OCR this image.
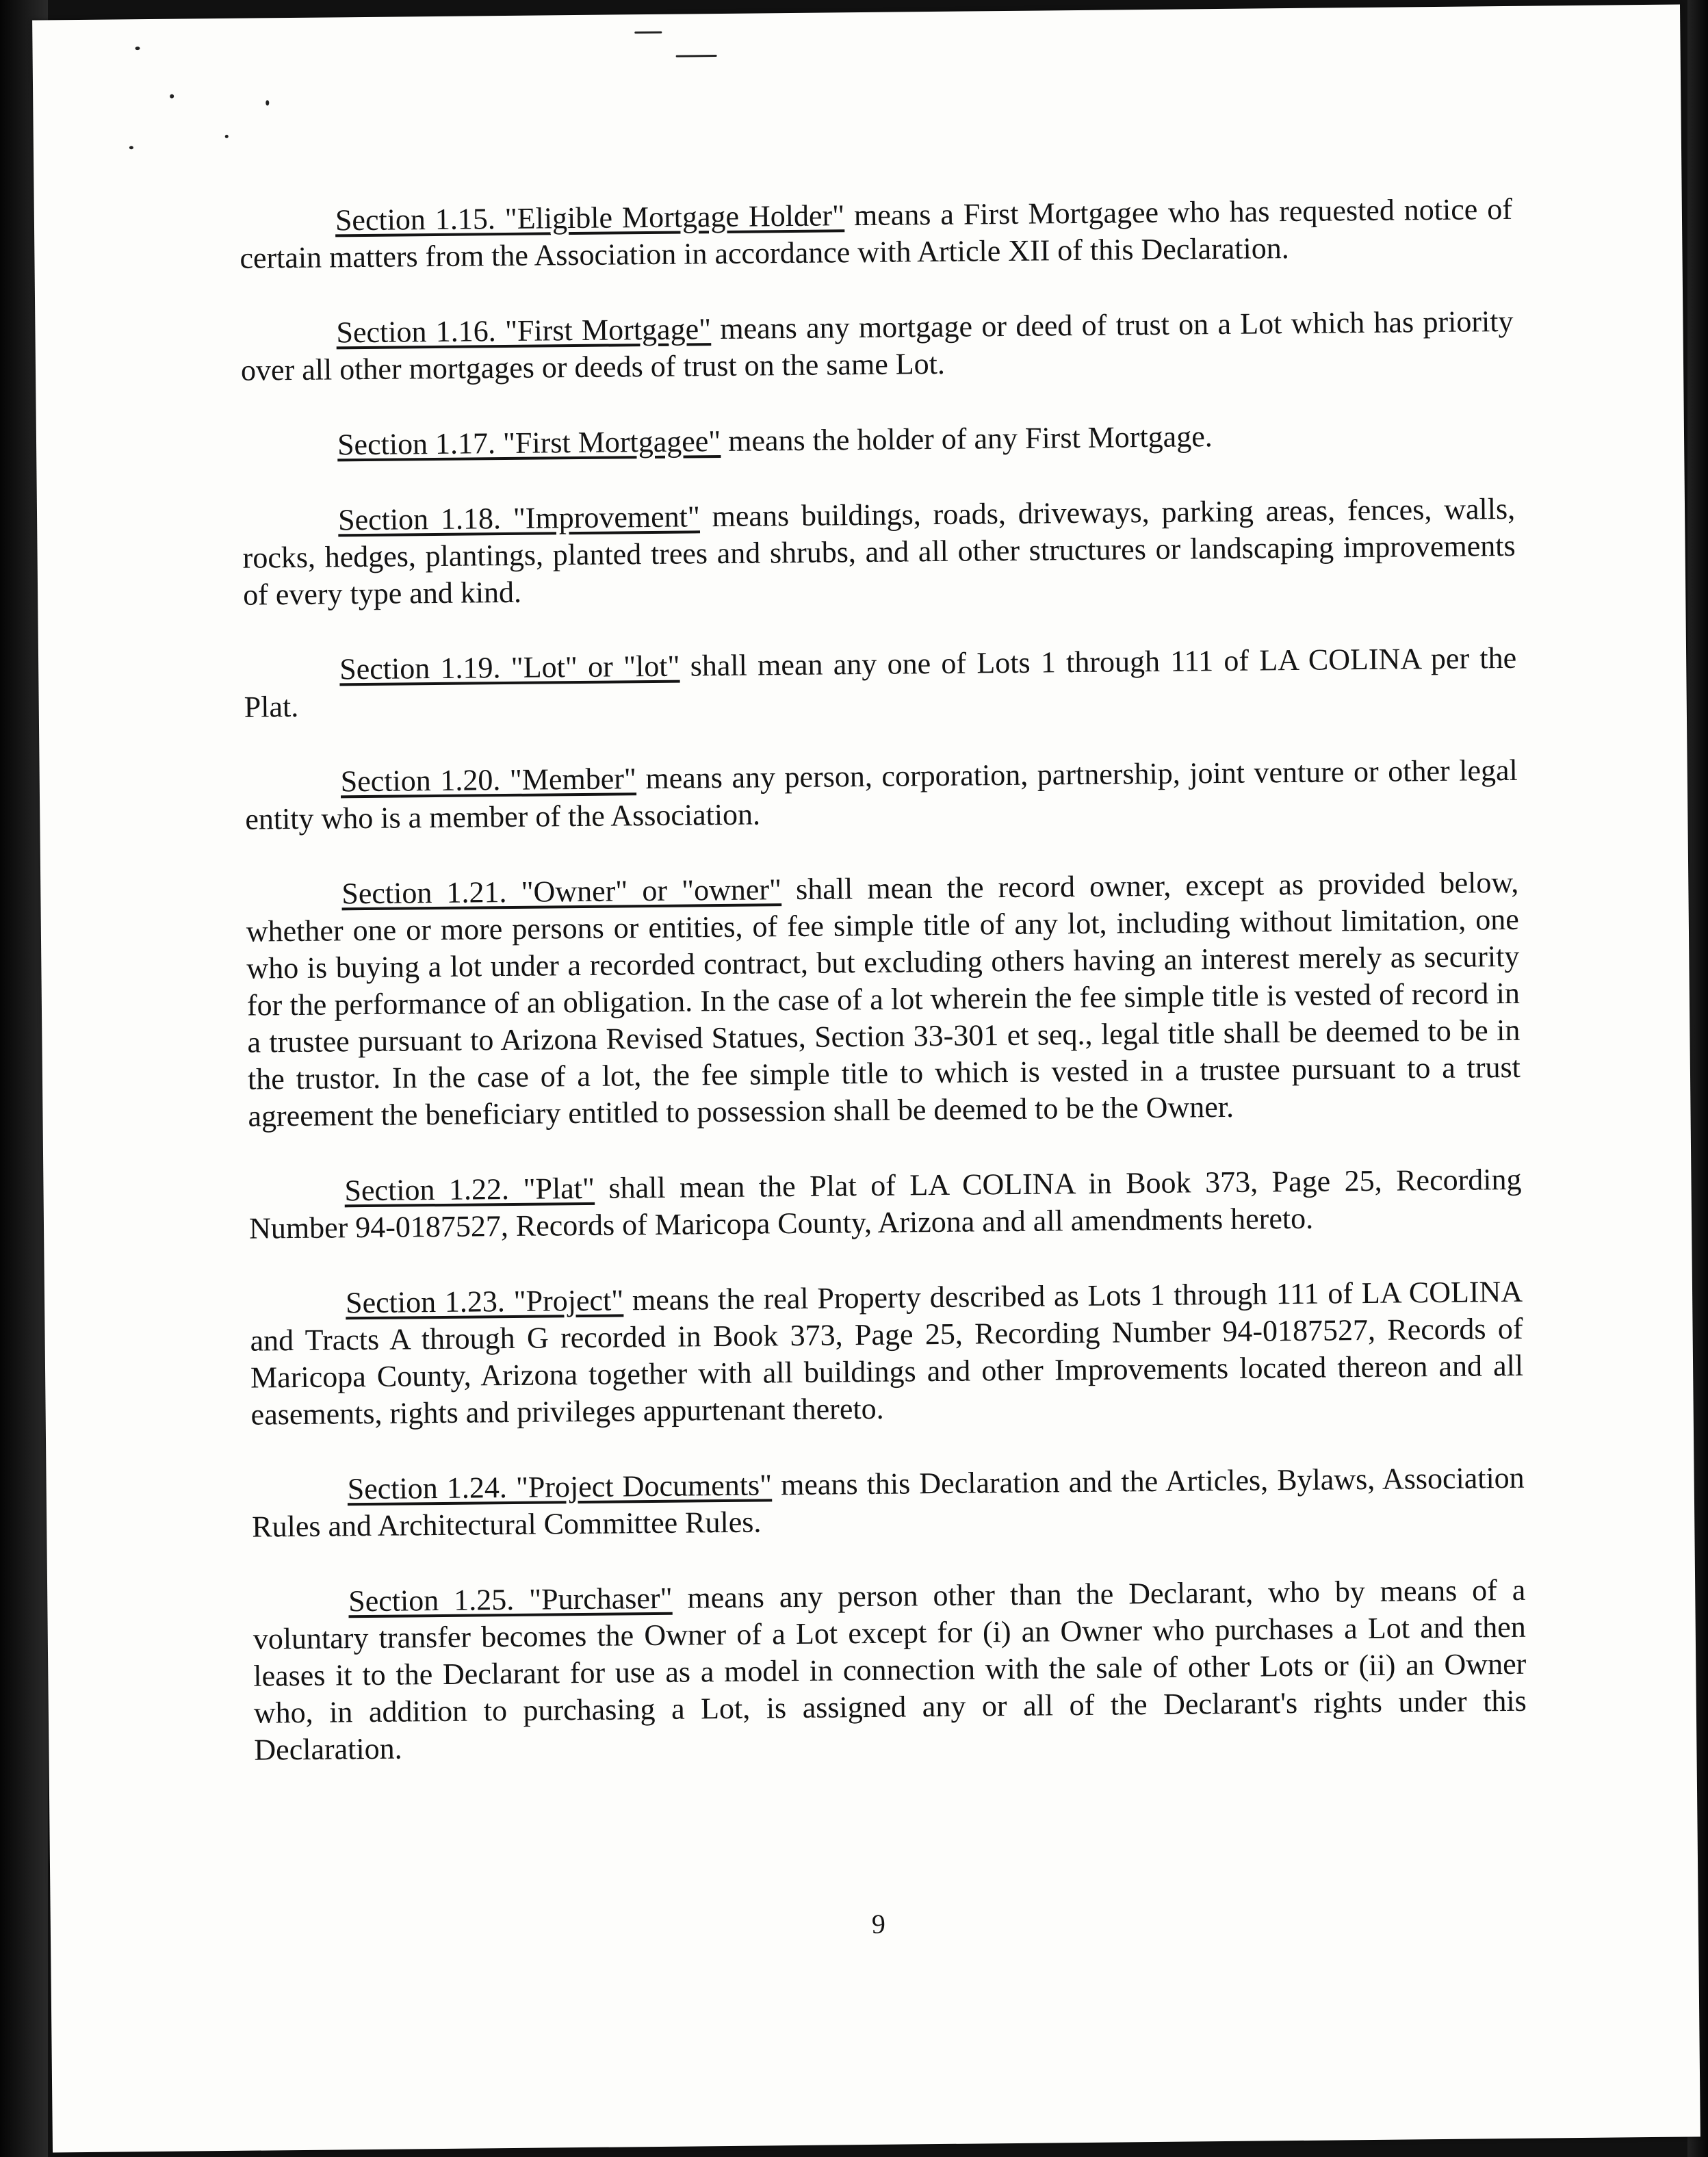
Section 1.15. "Eligible Mortgage Holder" means a First Mortgagee who has requested notice of certain matters from the Association in accordance with Article XII of this Declaration.

Section 1.16. "First Mortgage" means any mortgage or deed of trust on a Lot which has priority over all other mortgages or deeds of trust on the same Lot.

Section 1.17. "First Mortgagee" means the holder of any First Mortgage.

Section 1.18. "Improvement" means buildings, roads, driveways, parking areas, fences, walls, rocks, hedges, plantings, planted trees and shrubs, and all other structures or landscaping improvements of every type and kind.

Section 1.19. "Lot" or "lot" shall mean any one of Lots 1 through 111 of LA COLINA per the Plat.

Section 1.20. "Member" means any person, corporation, partnership, joint venture or other legal entity who is a member of the Association.

Section 1.21. "Owner" or "owner" shall mean the record owner, except as provided below, whether one or more persons or entities, of fee simple title of any lot, including without limitation, one who is buying a lot under a recorded contract, but excluding others having an interest merely as security for the performance of an obligation. In the case of a lot wherein the fee simple title is vested of record in a trustee pursuant to Arizona Revised Statues, Section 33-301 et seq., legal title shall be deemed to be in the trustor. In the case of a lot, the fee simple title to which is vested in a trustee pursuant to a trust agreement the beneficiary entitled to possession shall be deemed to be the Owner.

Section 1.22. "Plat" shall mean the Plat of LA COLINA in Book 373, Page 25, Recording Number 94-0187527, Records of Maricopa County, Arizona and all amendments hereto.

Section 1.23. "Project" means the real Property described as Lots 1 through 111 of LA COLINA and Tracts A through G recorded in Book 373, Page 25, Recording Number 94-0187527, Records of Maricopa County, Arizona together with all buildings and other Improvements located thereon and all easements, rights and privileges appurtenant thereto.

Section 1.24. "Project Documents" means this Declaration and the Articles, Bylaws, Association Rules and Architectural Committee Rules.

Section 1.25. "Purchaser" means any person other than the Declarant, who by means of a voluntary transfer becomes the Owner of a Lot except for (i) an Owner who purchases a Lot and then leases it to the Declarant for use as a model in connection with the sale of other Lots or (ii) an Owner who, in addition to purchasing a Lot, is assigned any or all of the Declarant's rights under this Declaration.

9
